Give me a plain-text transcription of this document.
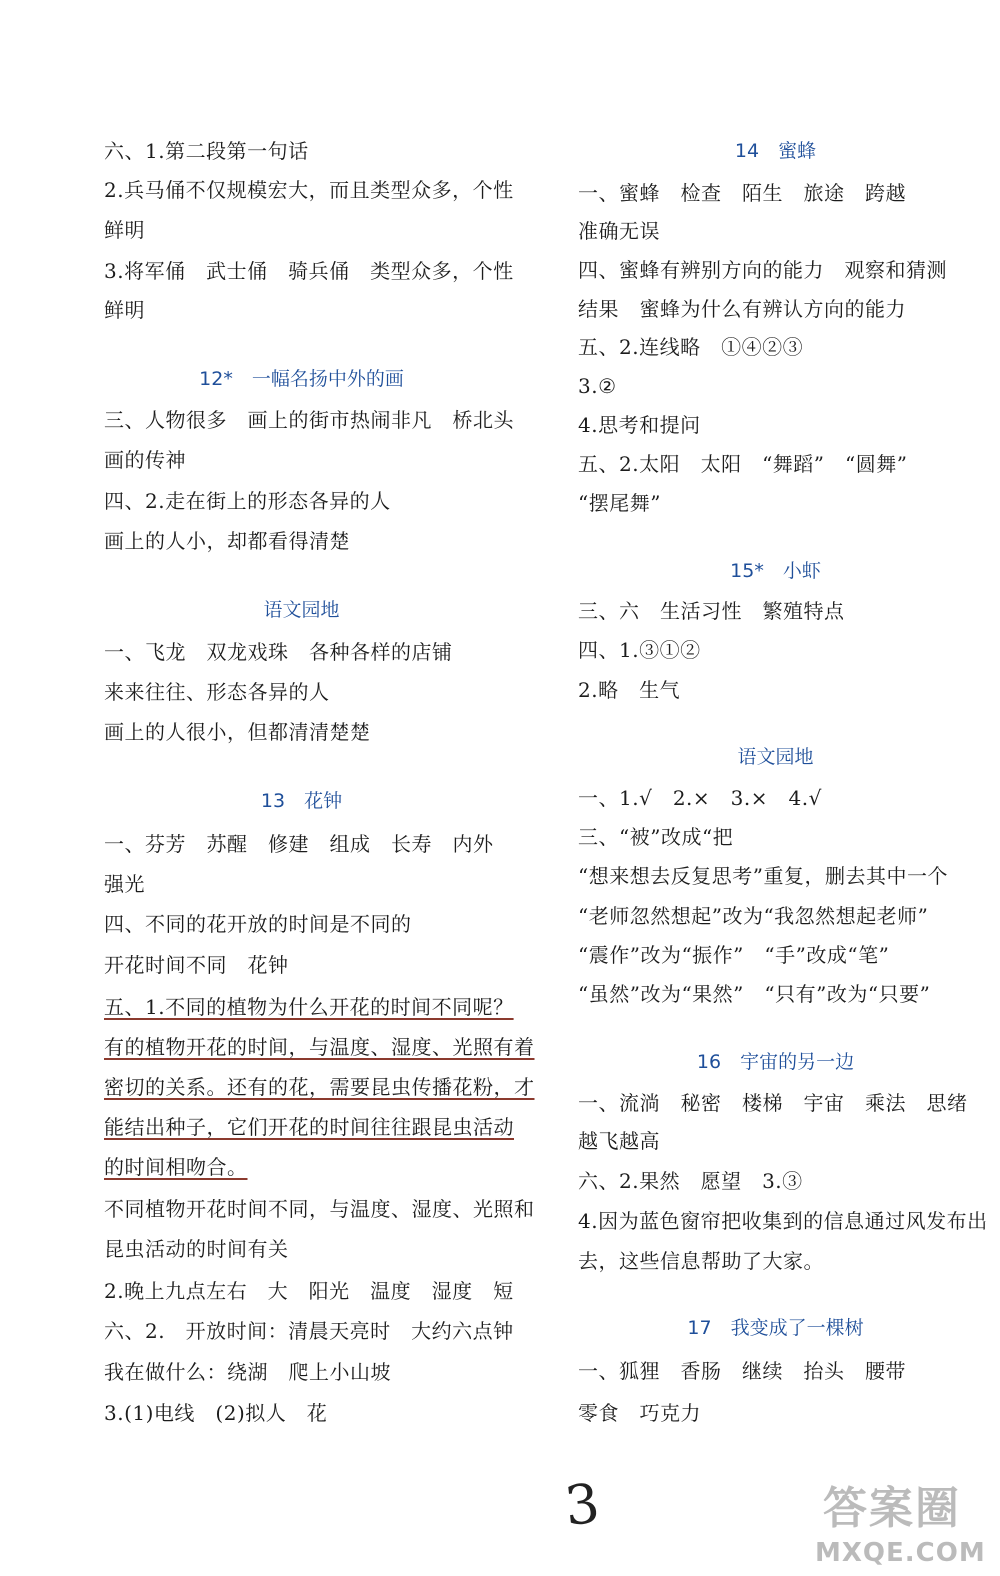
六、1.第二段第一句话
2.兵马俑不仅规模宏大，而且类型众多，个性
鲜明
3.将军俑　武士俑　骑兵俑　类型众多，个性
鲜明
12*　一幅名扬中外的画
三、人物很多　画上的街市热闹非凡　桥北头
画的传神
四、2.走在街上的形态各异的人
画上的人小，却都看得清楚
语文园地
一、飞龙　双龙戏珠　各种各样的店铺
来来往往、形态各异的人
画上的人很小，但都清清楚楚
13　花钟
一、芬芳　苏醒　修建　组成　长寿　内外
强光
四、不同的花开放的时间是不同的
开花时间不同　花钟
五、1.不同的植物为什么开花的时间不同呢？
有的植物开花的时间，与温度、湿度、光照有着
密切的关系。还有的花，需要昆虫传播花粉，才
能结出种子，它们开花的时间往往跟昆虫活动
的时间相吻合。
不同植物开花时间不同，与温度、湿度、光照和
昆虫活动的时间有关
2.晚上九点左右　大　阳光　温度　湿度　短
六、2.　开放时间：清晨天亮时　大约六点钟
我在做什么：绕湖　爬上小山坡
3.(1)电线　(2)拟人　花
14　蜜蜂
一、蜜蜂　检查　陌生　旅途　跨越
准确无误
四、蜜蜂有辨别方向的能力　观察和猜测
结果　蜜蜂为什么有辨认方向的能力
五、2.连线略　①④②③
3.②
4.思考和提问
五、2.太阳　太阳　“舞蹈”　“圆舞”
“摆尾舞”
15*　小虾
三、六　生活习性　繁殖特点
四、1.③①②
2.略　生气
语文园地
一、1.√　2.×　3.×　4.√
三、“被”改成“把
“想来想去反复思考”重复，删去其中一个
“老师忽然想起”改为“我忽然想起老师”
“震作”改为“振作”　“手”改成“笔”
“虽然”改为“果然”　“只有”改为“只要”
16　宇宙的另一边
一、流淌　秘密　楼梯　宇宙　乘法　思绪
越飞越高
六、2.果然　愿望　3.③
4.因为蓝色窗帘把收集到的信息通过风发布出
去，这些信息帮助了大家。
17　我变成了一棵树
一、狐狸　香肠　继续　抬头　腰带
零食　巧克力
3	答案圈
MXQE.COM
